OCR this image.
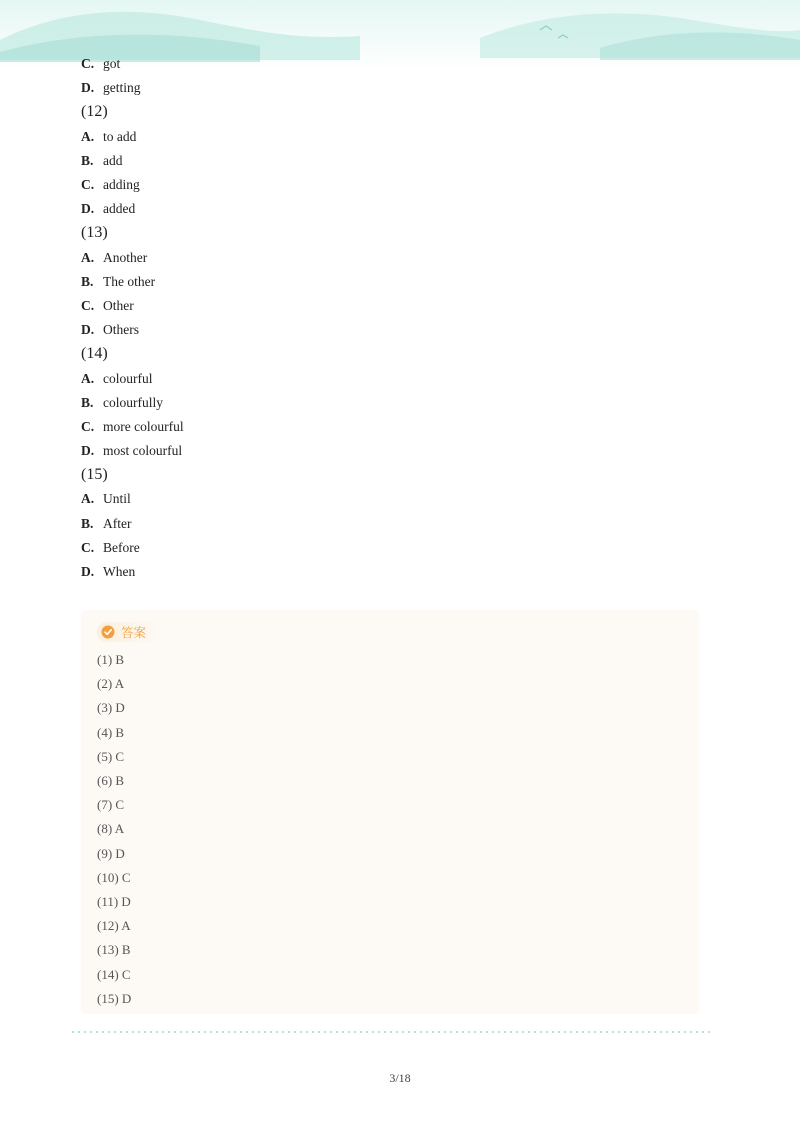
C. got
D. getting
(12)
A. to add
B. add
C. adding
D. added
(13)
A. Another
B. The other
C. Other
D. Others
(14)
A. colourful
B. colourfully
C. more colourful
D. most colourful
(15)
A. Until
B. After
C. Before
D. When
答案
(1) B
(2) A
(3) D
(4) B
(5) C
(6) B
(7) C
(8) A
(9) D
(10) C
(11) D
(12) A
(13) B
(14) C
(15) D
3/18
